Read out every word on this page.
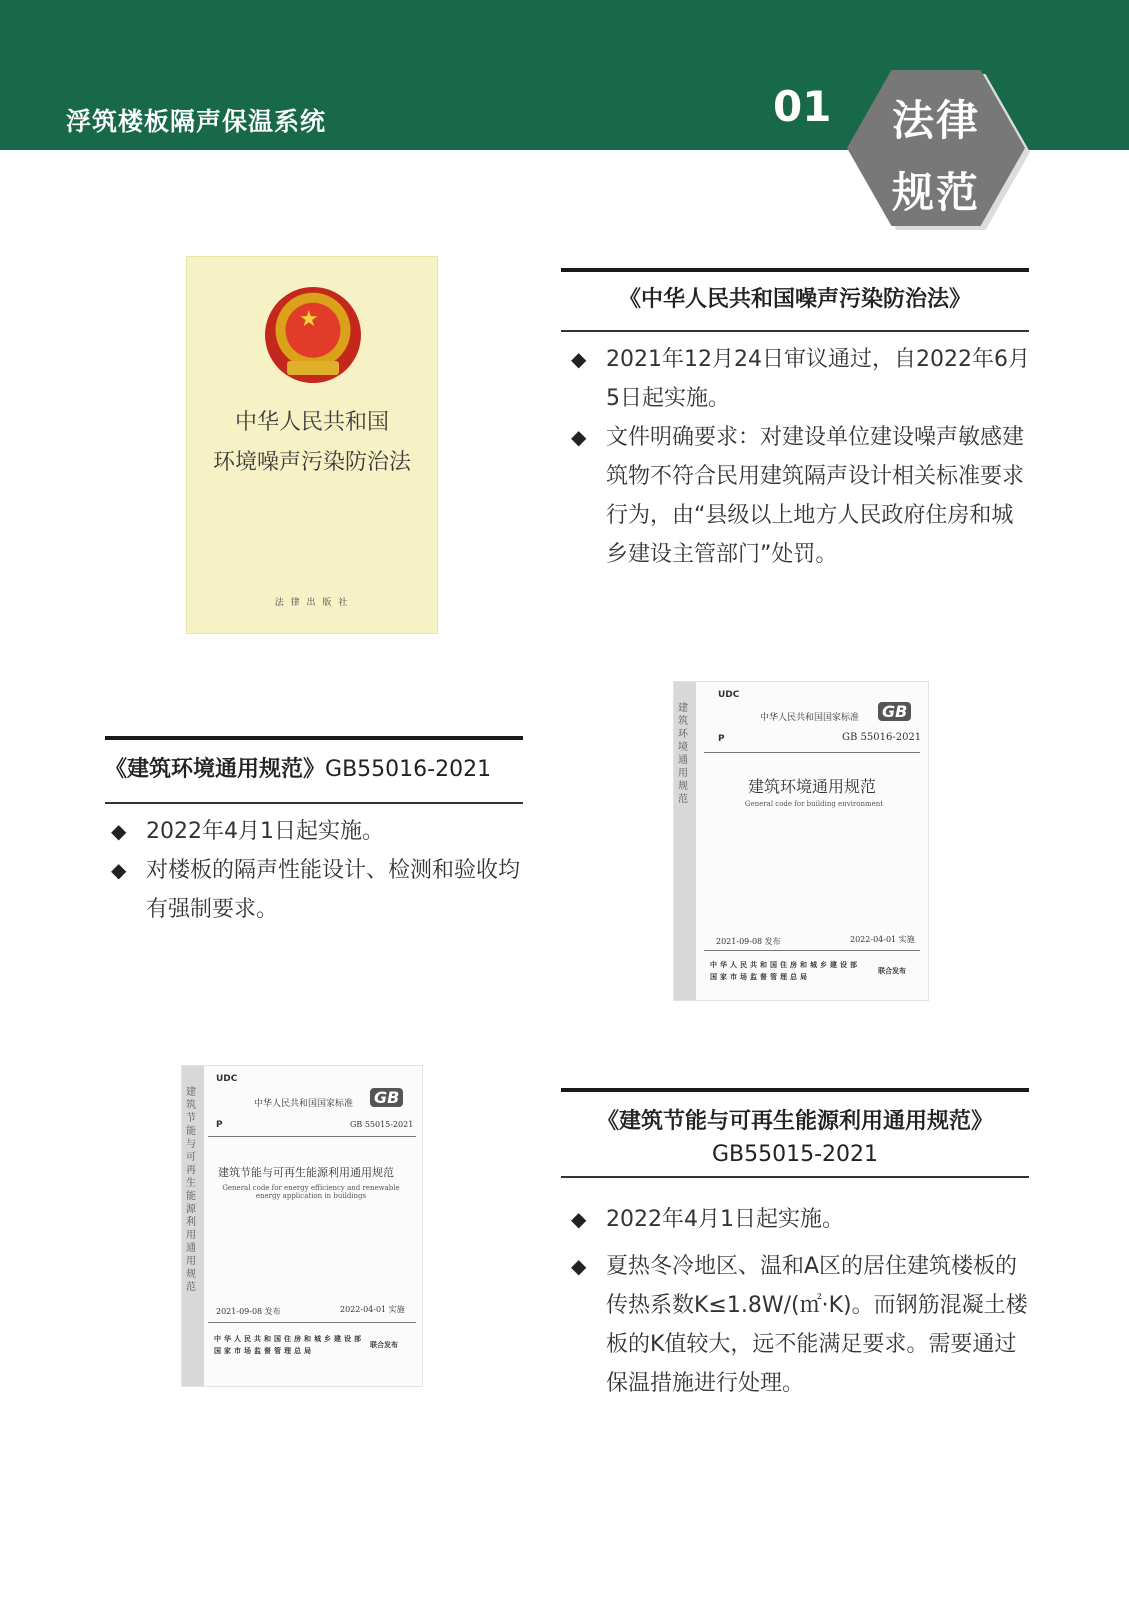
浮筑楼板隔声保温系统	01	法律
规范
★
中华人民共和国
环境噪声污染防治法
法 律 出 版 社
《中华人民共和国噪声污染防治法》
◆ 2021年12月24日审议通过，自2022年6月5日起实施。
◆ 文件明确要求：对建设单位建设噪声敏感建筑物不符合民用建筑隔声设计相关标准要求行为，由“县级以上地方人民政府住房和城乡建设主管部门”处罚。
《建筑环境通用规范》GB55016-2021
◆ 2022年4月1日起实施。
◆ 对楼板的隔声性能设计、检测和验收均有强制要求。
建筑环境通用规范
UDC
中华人民共和国国家标准 GB
P	GB 55016-2021
建筑环境通用规范
General code for building environment
2021-09-08 发布	2022-04-01 实施
中华人民共和国住房和城乡建设部
国家市场监督管理总局
联合发布
建筑节能与可再生能源利用通用规范
UDC
中华人民共和国国家标准 GB
P	GB 55015-2021
建筑节能与可再生能源利用通用规范
General code for energy efficiency and renewable energy application in buildings
2021-09-08 发布	2022-04-01 实施
中华人民共和国住房和城乡建设部
国家市场监督管理总局
联合发布
《建筑节能与可再生能源利用通用规范》
GB55015-2021
◆ 2022年4月1日起实施。
◆ 夏热冬冷地区、温和A区的居住建筑楼板的传热系数K≤1.8W/(㎡·K)。而钢筋混凝土楼板的K值较大，远不能满足要求。需要通过保温措施进行处理。
